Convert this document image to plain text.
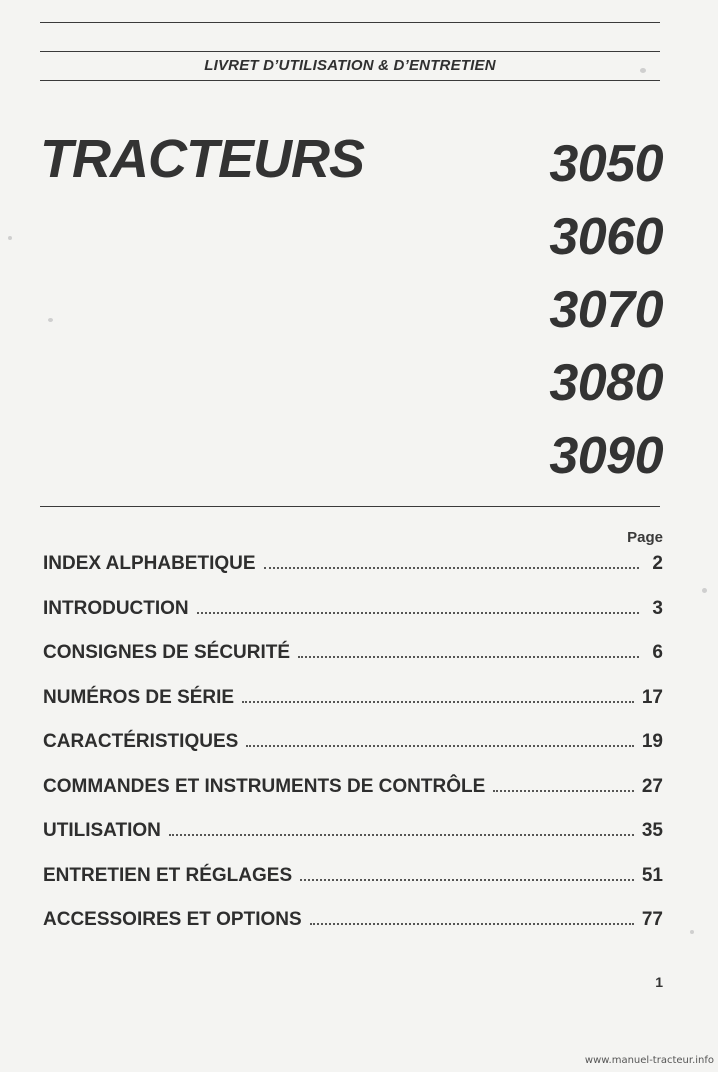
LIVRET D’UTILISATION & D’ENTRETIEN
TRACTEURS	3050
3060
3070
3080
3090
Page
INDEX ALPHABETIQUE	2
INTRODUCTION	3
CONSIGNES DE SÉCURITÉ	6
NUMÉROS DE SÉRIE	17
CARACTÉRISTIQUES	19
COMMANDES ET INSTRUMENTS DE CONTRÔLE	27
UTILISATION	35
ENTRETIEN ET RÉGLAGES	51
ACCESSOIRES ET OPTIONS	77
1
www.manuel-tracteur.info
